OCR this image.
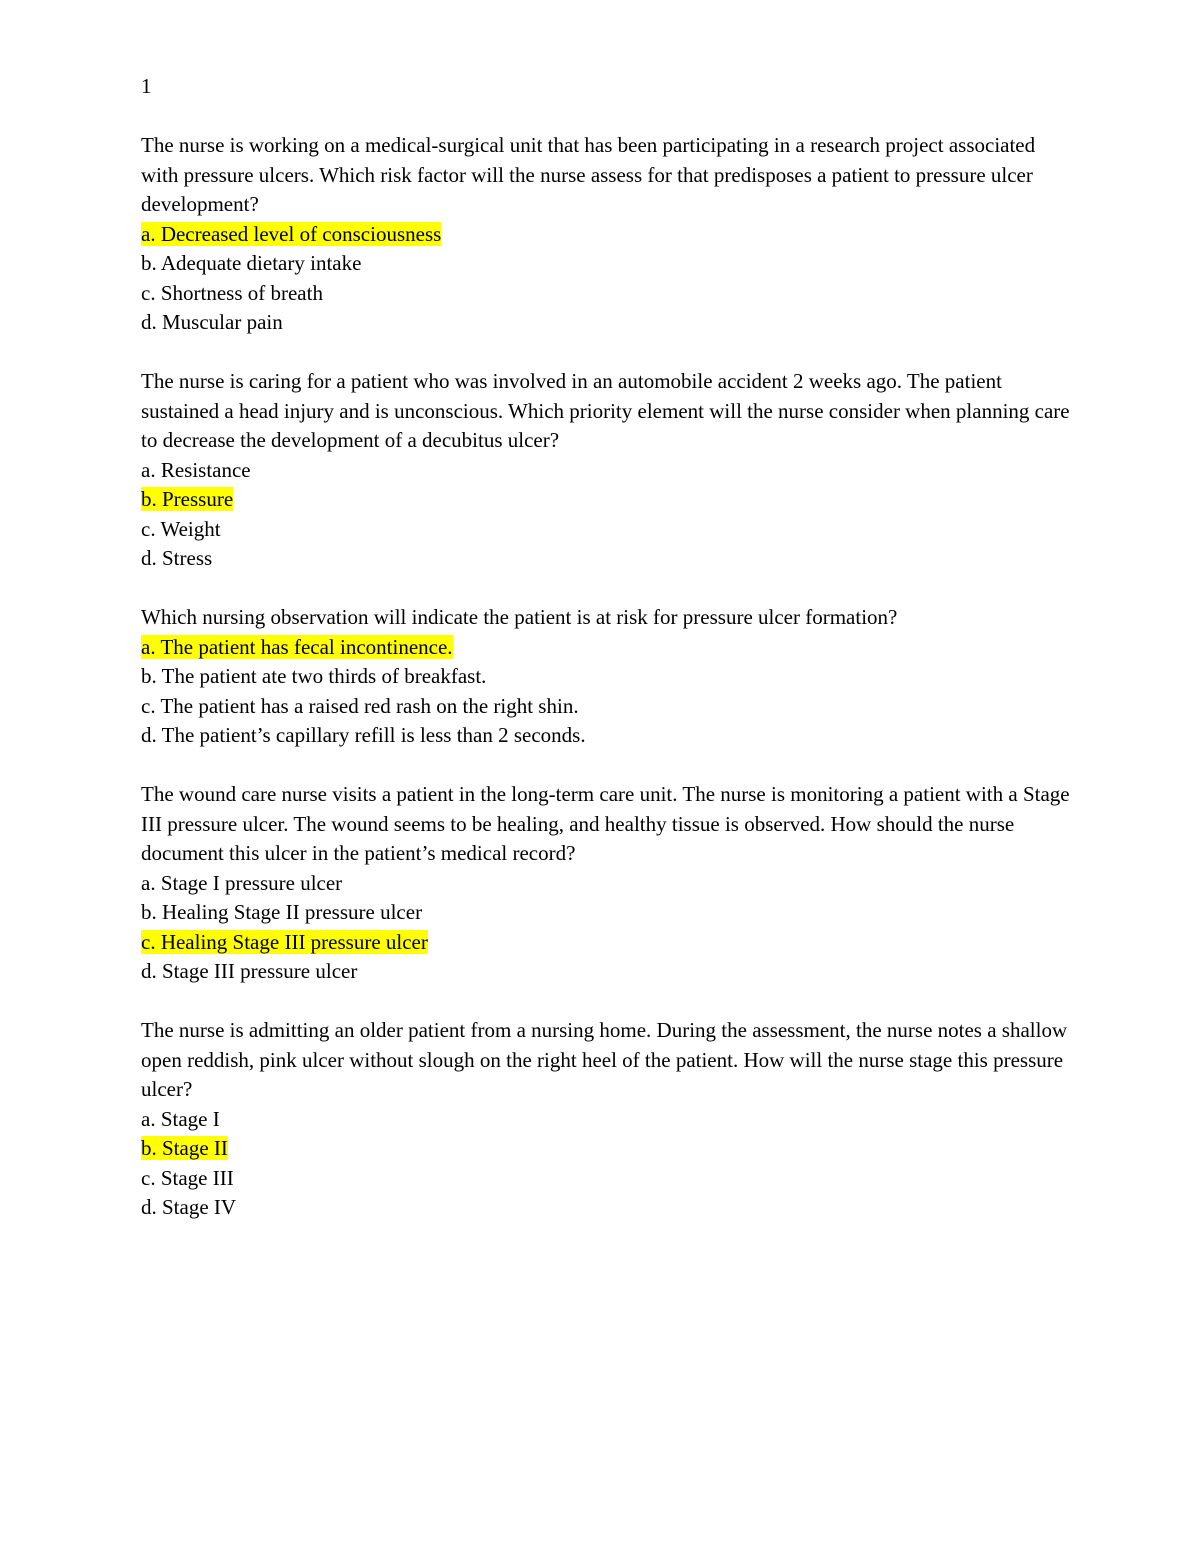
1

The nurse is working on a medical-surgical unit that has been participating in a research project associated with pressure ulcers. Which risk factor will the nurse assess for that predisposes a patient to pressure ulcer development?

a. Decreased level of consciousness
b. Adequate dietary intake
c. Shortness of breath
d. Muscular pain

The nurse is caring for a patient who was involved in an automobile accident 2 weeks ago. The patient sustained a head injury and is unconscious. Which priority element will the nurse consider when planning care to decrease the development of a decubitus ulcer?

a. Resistance
b. Pressure
c. Weight
d. Stress

Which nursing observation will indicate the patient is at risk for pressure ulcer formation?

a. The patient has fecal incontinence.
b. The patient ate two thirds of breakfast.
c. The patient has a raised red rash on the right shin.
d. The patient’s capillary refill is less than 2 seconds.

The wound care nurse visits a patient in the long-term care unit. The nurse is monitoring a patient with a Stage III pressure ulcer. The wound seems to be healing, and healthy tissue is observed. How should the nurse document this ulcer in the patient’s medical record?

a. Stage I pressure ulcer
b. Healing Stage II pressure ulcer
c. Healing Stage III pressure ulcer
d. Stage III pressure ulcer

The nurse is admitting an older patient from a nursing home. During the assessment, the nurse notes a shallow open reddish, pink ulcer without slough on the right heel of the patient. How will the nurse stage this pressure ulcer?

a. Stage I
b. Stage II
c. Stage III
d. Stage IV
